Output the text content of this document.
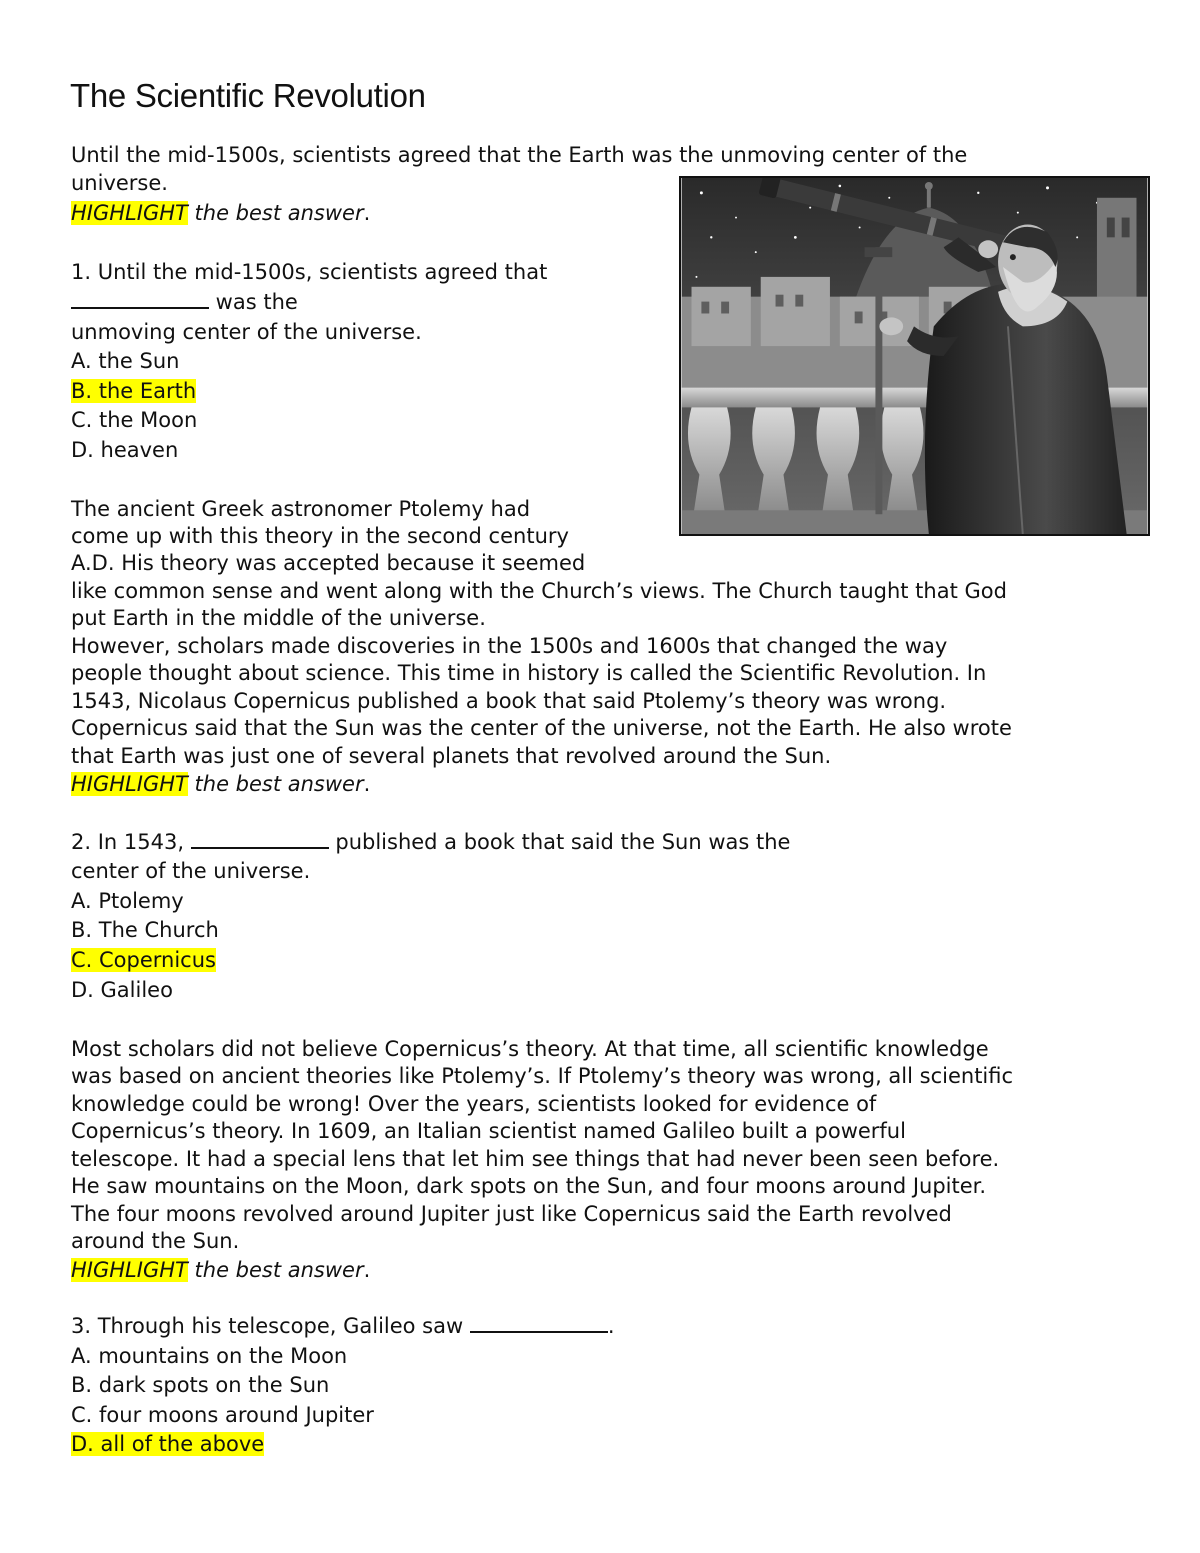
The Scientific Revolution
Until the mid-1500s, scientists agreed that the Earth was the unmoving center of the
universe.
HIGHLIGHT the best answer.
1. Until the mid-1500s, scientists agreed that
was the
unmoving center of the universe.
A. the Sun
B. the Earth
C. the Moon
D. heaven
The ancient Greek astronomer Ptolemy had
come up with this theory in the second century
A.D. His theory was accepted because it seemed
like common sense and went along with the Church’s views. The Church taught that God
put Earth in the middle of the universe.
However, scholars made discoveries in the 1500s and 1600s that changed the way
people thought about science. This time in history is called the Scientific Revolution. In
1543, Nicolaus Copernicus published a book that said Ptolemy’s theory was wrong.
Copernicus said that the Sun was the center of the universe, not the Earth. He also wrote
that Earth was just one of several planets that revolved around the Sun.
HIGHLIGHT the best answer.
2. In 1543,	published a book that said the Sun was the
center of the universe.
A. Ptolemy
B. The Church
C. Copernicus
D. Galileo
Most scholars did not believe Copernicus’s theory. At that time, all scientific knowledge
was based on ancient theories like Ptolemy’s. If Ptolemy’s theory was wrong, all scientific
knowledge could be wrong! Over the years, scientists looked for evidence of
Copernicus’s theory. In 1609, an Italian scientist named Galileo built a powerful
telescope. It had a special lens that let him see things that had never been seen before.
He saw mountains on the Moon, dark spots on the Sun, and four moons around Jupiter.
The four moons revolved around Jupiter just like Copernicus said the Earth revolved
around the Sun.
HIGHLIGHT the best answer.
3. Through his telescope, Galileo saw	.
A. mountains on the Moon
B. dark spots on the Sun
C. four moons around Jupiter
D. all of the above
